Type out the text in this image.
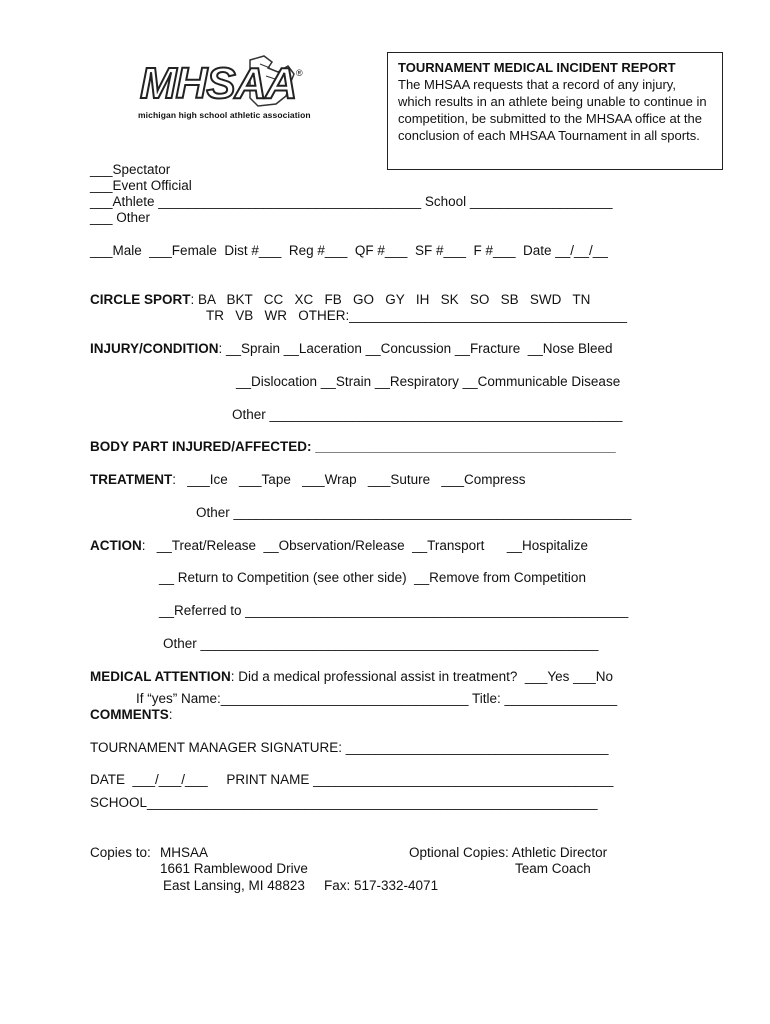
MHSAA ®
michigan high school athletic association
TOURNAMENT MEDICAL INCIDENT REPORT
The MHSAA requests that a record of any injury, which results in an athlete being unable to continue in competition, be submitted to the MHSAA office at the conclusion of each MHSAA Tournament in all sports.
___Spectator
___Event Official
___Athlete ___________________________________ School ___________________
___ Other
___Male  ___Female  Dist #___  Reg #___  QF #___  SF #___  F #___  Date __/__/__
CIRCLE SPORT: BA   BKT   CC   XC   FB   GO   GY   IH   SK   SO   SB   SWD   TN
TR   VB   WR   OTHER:_____________________________________
INJURY/CONDITION: __Sprain __Laceration __Concussion __Fracture  __Nose Bleed
__Dislocation __Strain __Respiratory __Communicable Disease
Other _______________________________________________
BODY PART INJURED/AFFECTED: ________________________________________
TREATMENT:   ___Ice   ___Tape   ___Wrap   ___Suture   ___Compress
Other _____________________________________________________
ACTION:   __Treat/Release  __Observation/Release  __Transport      __Hospitalize
__ Return to Competition (see other side)  __Remove from Competition
__Referred to ___________________________________________________
Other _____________________________________________________
MEDICAL ATTENTION: Did a medical professional assist in treatment?  ___Yes ___No
If “yes” Name:_________________________________ Title: _______________
COMMENTS:
TOURNAMENT MANAGER SIGNATURE: ___________________________________
DATE  ___/___/___     PRINT NAME ________________________________________
SCHOOL____________________________________________________________
Copies to: MHSAA
1661 Ramblewood Drive
East Lansing, MI 48823 Fax: 517-332-4071
Optional Copies: Athletic Director
Team Coach
